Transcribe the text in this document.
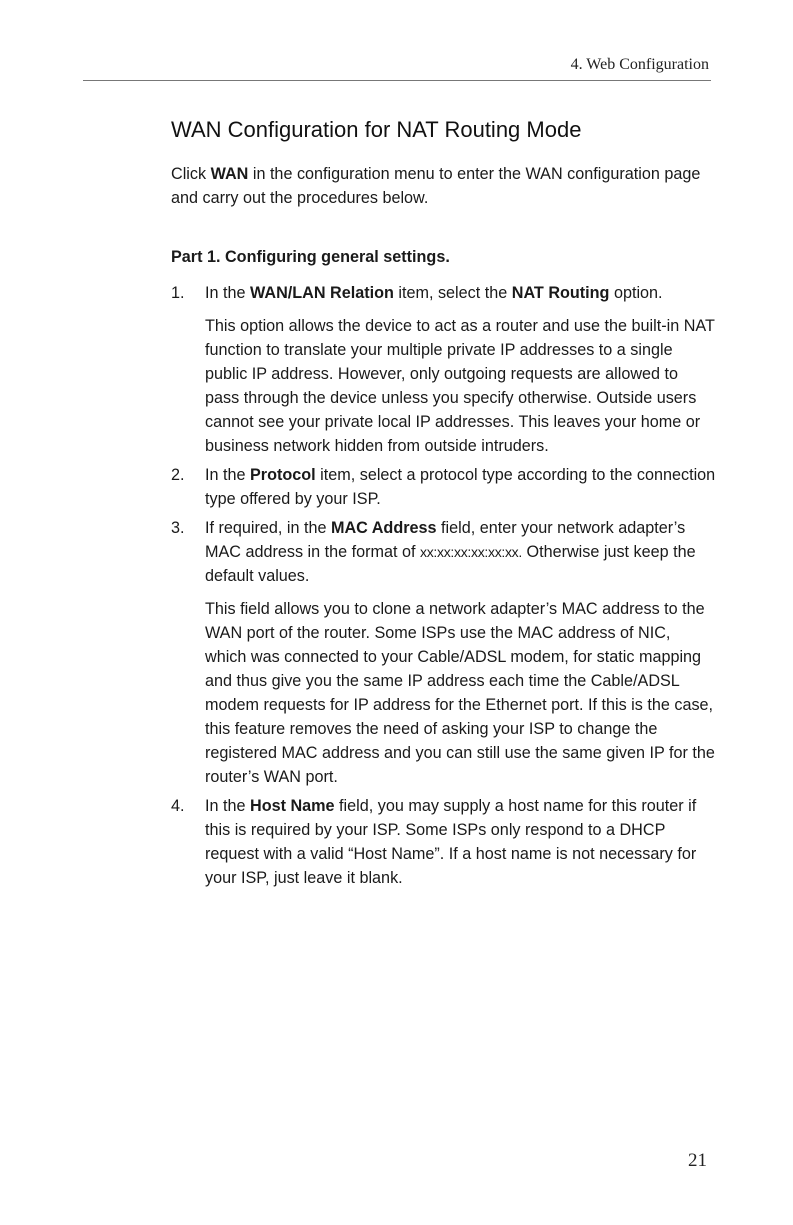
4. Web Configuration
WAN Configuration for NAT Routing Mode

Click WAN in the configuration menu to enter the WAN configuration page and carry out the procedures below.

Part 1. Configuring general settings.

1. In the WAN/LAN Relation item, select the NAT Routing option.

This option allows the device to act as a router and use the built-in NAT function to translate your multiple private IP addresses to a single public IP address. However, only outgoing requests are allowed to pass through the device unless you specify otherwise. Outside users cannot see your private local IP addresses. This leaves your home or business network hidden from outside intruders.

2. In the Protocol item, select a protocol type according to the connection type offered by your ISP.

3. If required, in the MAC Address field, enter your network adapter’s MAC address in the format of xx:xx:xx:xx:xx:xx. Otherwise just keep the default values.

This field allows you to clone a network adapter’s MAC address to the WAN port of the router. Some ISPs use the MAC address of NIC, which was connected to your Cable/ADSL modem, for static mapping and thus give you the same IP address each time the Cable/ADSL modem requests for IP address for the Ethernet port. If this is the case, this feature removes the need of asking your ISP to change the registered MAC address and you can still use the same given IP for the router’s WAN port.

4. In the Host Name field, you may supply a host name for this router if this is required by your ISP. Some ISPs only respond to a DHCP request with a valid “Host Name”. If a host name is not necessary for your ISP, just leave it blank.

21
